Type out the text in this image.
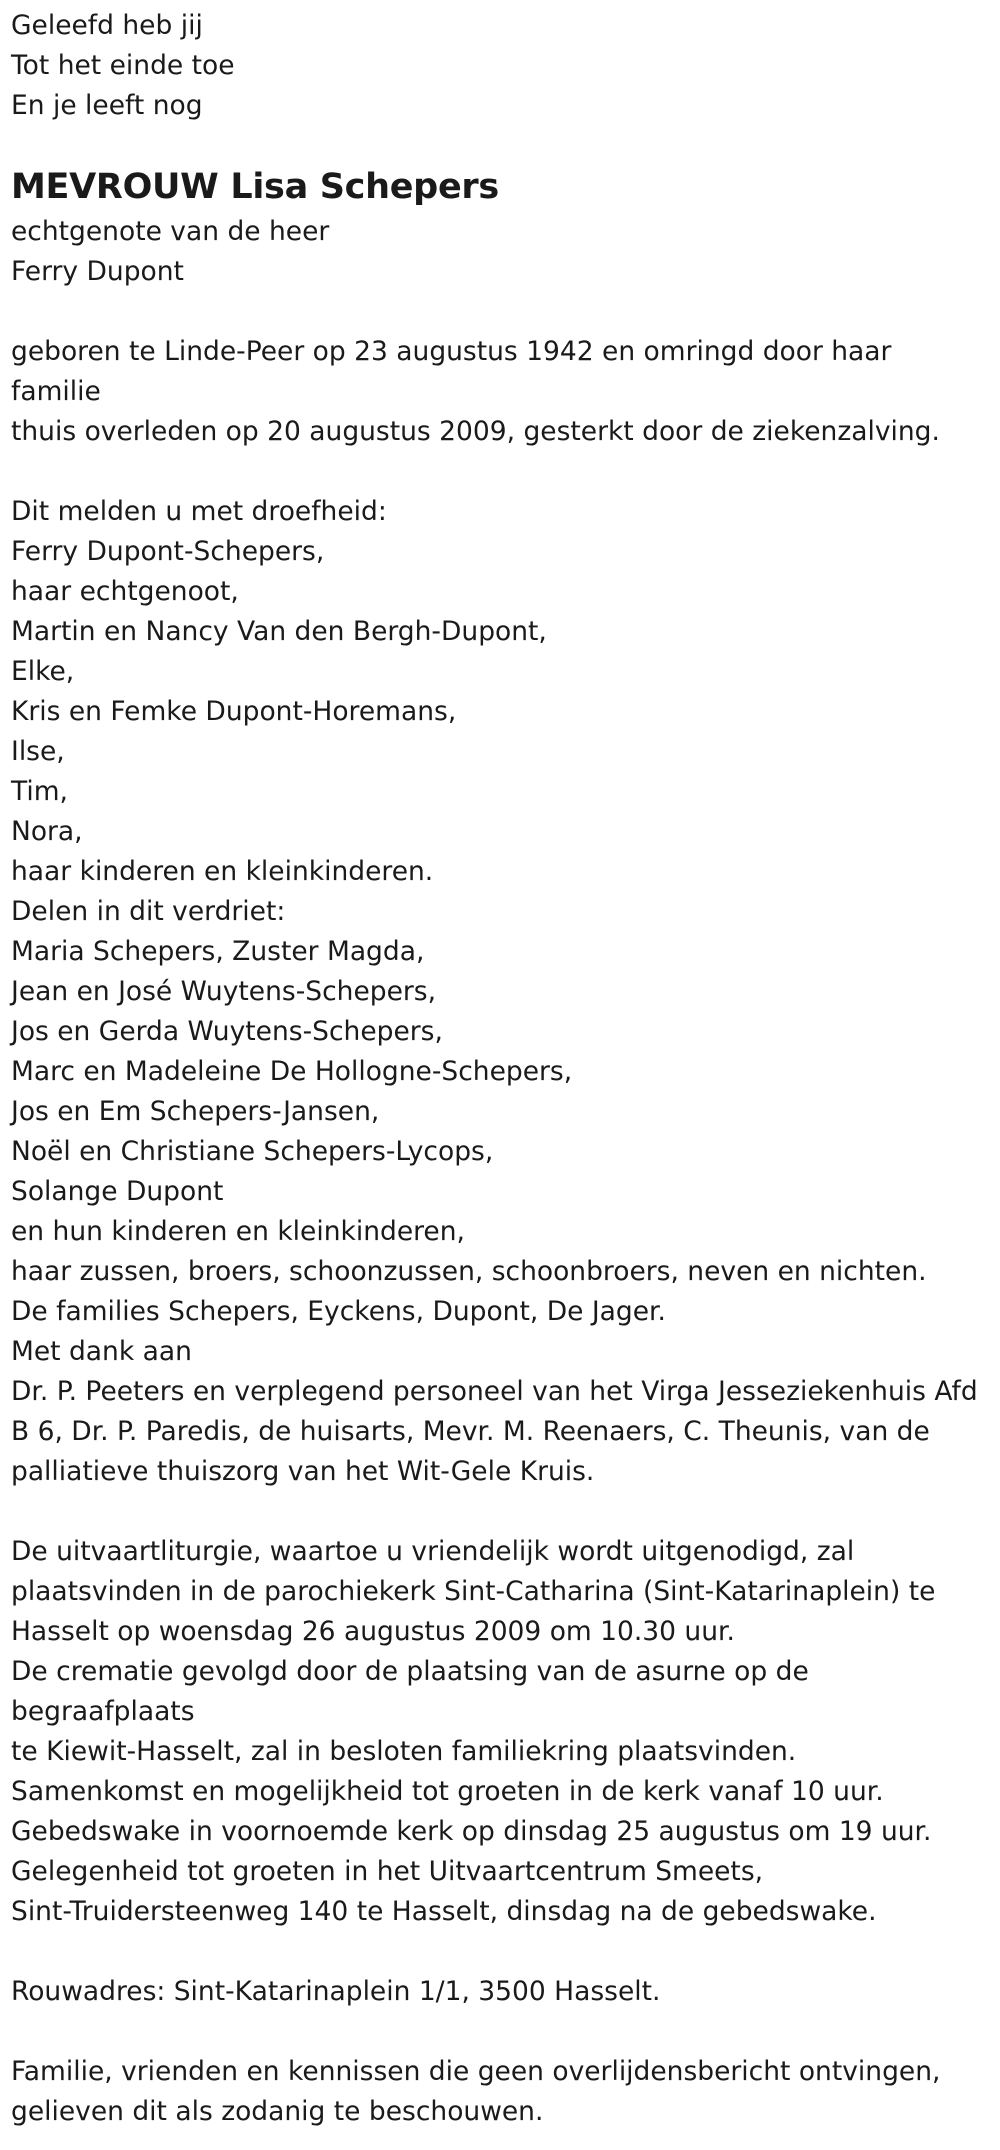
Geleefd heb jij
Tot het einde toe
En je leeft nog
MEVROUW Lisa Schepers
echtgenote van de heer
Ferry Dupont
geboren te Linde-Peer op 23 augustus 1942 en omringd door haar
familie
thuis overleden op 20 augustus 2009, gesterkt door de ziekenzalving.
Dit melden u met droefheid:
Ferry Dupont-Schepers,
haar echtgenoot,
Martin en Nancy Van den Bergh-Dupont,
Elke,
Kris en Femke Dupont-Horemans,
Ilse,
Tim,
Nora,
haar kinderen en kleinkinderen.
Delen in dit verdriet:
Maria Schepers, Zuster Magda,
Jean en José Wuytens-Schepers,
Jos en Gerda Wuytens-Schepers,
Marc en Madeleine De Hollogne-Schepers,
Jos en Em Schepers-Jansen,
Noël en Christiane Schepers-Lycops,
Solange Dupont
en hun kinderen en kleinkinderen,
haar zussen, broers, schoonzussen, schoonbroers, neven en nichten.
De families Schepers, Eyckens, Dupont, De Jager.
Met dank aan
Dr. P. Peeters en verplegend personeel van het Virga Jesseziekenhuis Afd
B 6, Dr. P. Paredis, de huisarts, Mevr. M. Reenaers, C. Theunis, van de
palliatieve thuiszorg van het Wit-Gele Kruis.
De uitvaartliturgie, waartoe u vriendelijk wordt uitgenodigd, zal
plaatsvinden in de parochiekerk Sint-Catharina (Sint-Katarinaplein) te
Hasselt op woensdag 26 augustus 2009 om 10.30 uur.
De crematie gevolgd door de plaatsing van de asurne op de
begraafplaats
te Kiewit-Hasselt, zal in besloten familiekring plaatsvinden.
Samenkomst en mogelijkheid tot groeten in de kerk vanaf 10 uur.
Gebedswake in voornoemde kerk op dinsdag 25 augustus om 19 uur.
Gelegenheid tot groeten in het Uitvaartcentrum Smeets,
Sint-Truidersteenweg 140 te Hasselt, dinsdag na de gebedswake.
Rouwadres: Sint-Katarinaplein 1/1, 3500 Hasselt.
Familie, vrienden en kennissen die geen overlijdensbericht ontvingen,
gelieven dit als zodanig te beschouwen.
